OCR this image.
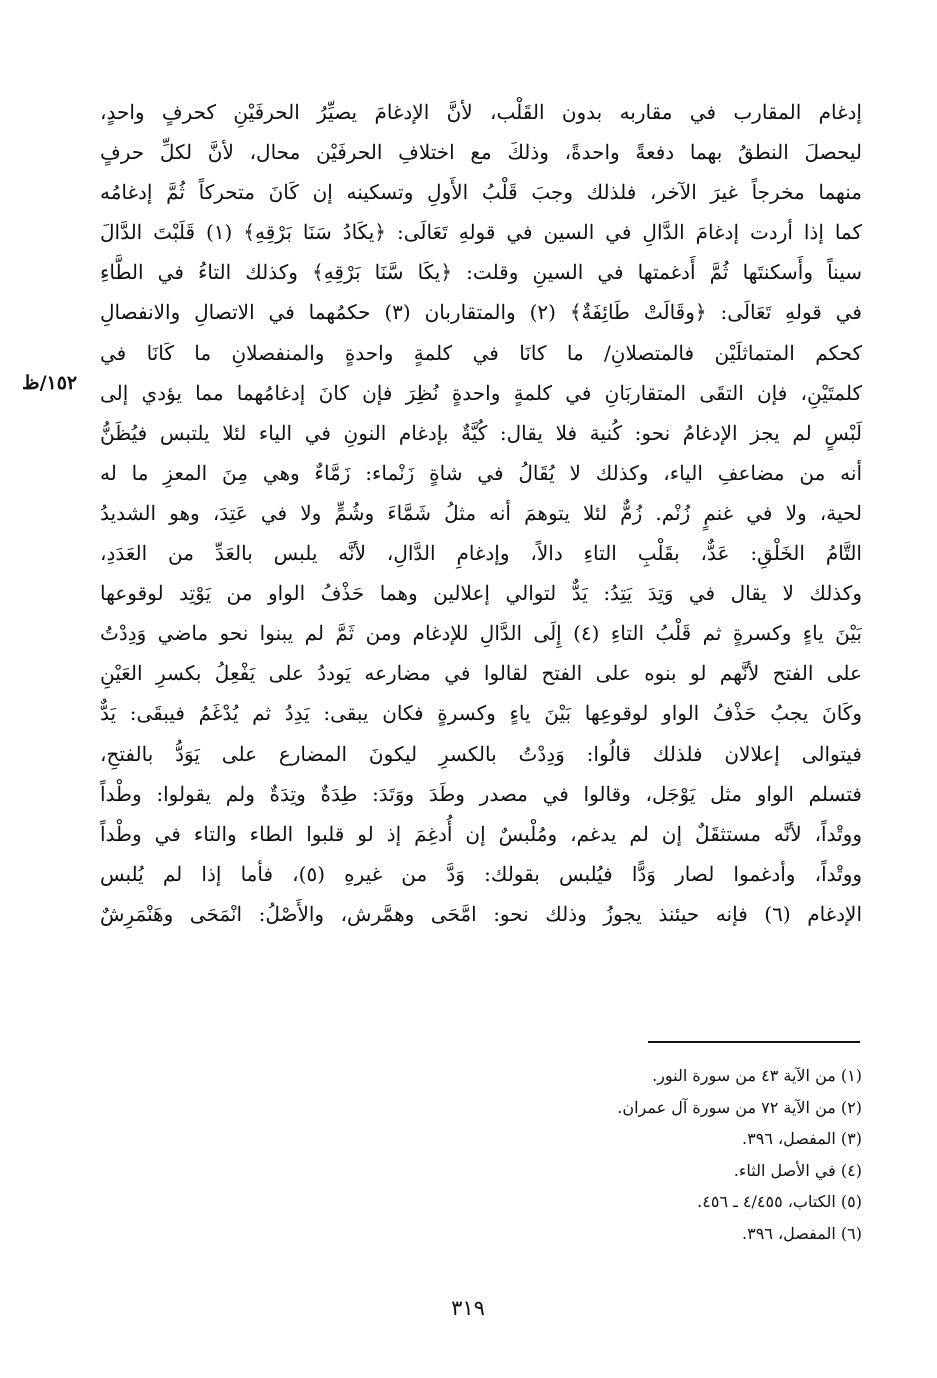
إدغام المقارب في مقاربه بدون القَلْب، لأنَّ الإدغامَ يصيِّرُ الحرفَيْنِ كحرفٍ واحدٍ،
ليحصلَ النطقُ بهما دفعةً واحدةً، وذلكَ مع اختلافِ الحرفَيْن محال، لأنَّ لكلِّ حرفٍ
منهما مخرجاً غيرَ الآخر، فلذلك وجبَ قَلْبُ الأَولِ وتسكينه إن كَانَ متحركاً ثُمَّ إدغامُه
كما إذا أردت إدغامَ الدَّالِ في السين في قولهِ تَعَالَى: ﴿يكَادُ سَنَا بَرْقِهِ﴾ (١) قَلَبْتَ الدَّالَ
سيناً وأَسكنتَها ثُمَّ أَدغمتها في السينِ وقلت: ﴿يكَا سَّنَا بَرْقِهِ﴾ وكذلك التاءُ في الطَّاءِ
في قولهِ تَعَالَى: ﴿وقَالَتْ طَائِفَةٌ﴾ (٢) والمتقاربان (٣) حكمُهما في الاتصالِ والانفصالِ
كحكم المتماثلَيْن فالمتصلانِ/ ما كانَا في كلمةٍ واحدةٍ والمنفصلانِ ما كَانَا في
كلمتَيْنِ، فإن التقَى المتقاربَانِ في كلمةٍ واحدةٍ نُظِرَ فإن كانَ إدغامُهما مما يؤدي إلى
لَبْسٍ لم يجز الإدغامُ نحو: كُنية فلا يقال: كُيَّةٌ بإدغام النونِ في الياء لئلا يلتبس فيُظَنُّ
أنه من مضاعفِ الياء، وكذلك لا يُقَالُ في شاةٍ زَنْماء: زَمَّاءٌ وهي مِنَ المعزِ ما له
لحية، ولا في غنمٍ زُنْم. زُمٌّ لئلا يتوهمَ أنه مثلُ شَمَّاءَ وشُمٍّ ولا في عَتِدَ، وهو الشديدُ
التَّامُ الخَلْقِ: عَدٌّ، بقَلْبِ التاءِ دالاً، وإدغامِ الدَّالِ، لأنَّه يلبس بالعَدِّ من العَدَدِ،
وكذلك لا يقال في وَتِدَ يَتِدُ: يَدٌّ لتوالي إعلالين وهما حَذْفُ الواو من يَوْتِد لوقوعها
بَيْنَ ياءٍ وكسرةٍ ثم قَلْبُ التاءِ (٤) إِلَى الدَّالِ للإدغام ومن ثَمَّ لم يبنوا نحو ماضي وَدِدْتُ
على الفتح لأنَّهم لو بنوه على الفتح لقالوا في مضارعه يَوددُ على يَفْعِلُ بكسرِ العَيْنِ
وكَانَ يجبُ حَذْفُ الواو لوقوعِها بَيْنَ ياءٍ وكسرةٍ فكان يبقى: يَدِدُ ثم يُدْغَمُ فيبقَى: يَدٌّ
فيتوالى إعلالان فلذلك قالُوا: وَدِدْتُ بالكسرِ ليكونَ المضارع على يَوَدُّ بالفتحِ،
فتسلم الواو مثل يَوْجَل، وقالوا في مصدر وطَدَ ووَتَدَ: طِدَةٌ وتِدَةٌ ولم يقولوا: وطْداً
ووتْداً، لأنَّه مستثقَلٌ إن لم يدغم، ومُلْبسٌ إن أُدغِمَ إذ لو قلبوا الطاء والتاء في وطْداً
ووتْداً، وأدغموا لصار وَدًّا فيُلبس بقولك: وَدَّ من غيرهِ (٥)، فأما إذا لم يُلبس
الإدغام (٦) فإنه حيئنذ يجوزُ وذلك نحو: امَّحَى وهمَّرش، والأَصْلُ: انْمَحَى وهَنْمَرِشٌ
١٥٢/ظ
(١) من الآية ٤٣ من سورة النور.
(٢) من الآية ٧٢ من سورة آل عمران.
(٣) المفصل، ٣٩٦.
(٤) في الأصل الثاء.
(٥) الكتاب، ٤/٤٥٥ ـ ٤٥٦.
(٦) المفصل، ٣٩٦.
٣١٩
